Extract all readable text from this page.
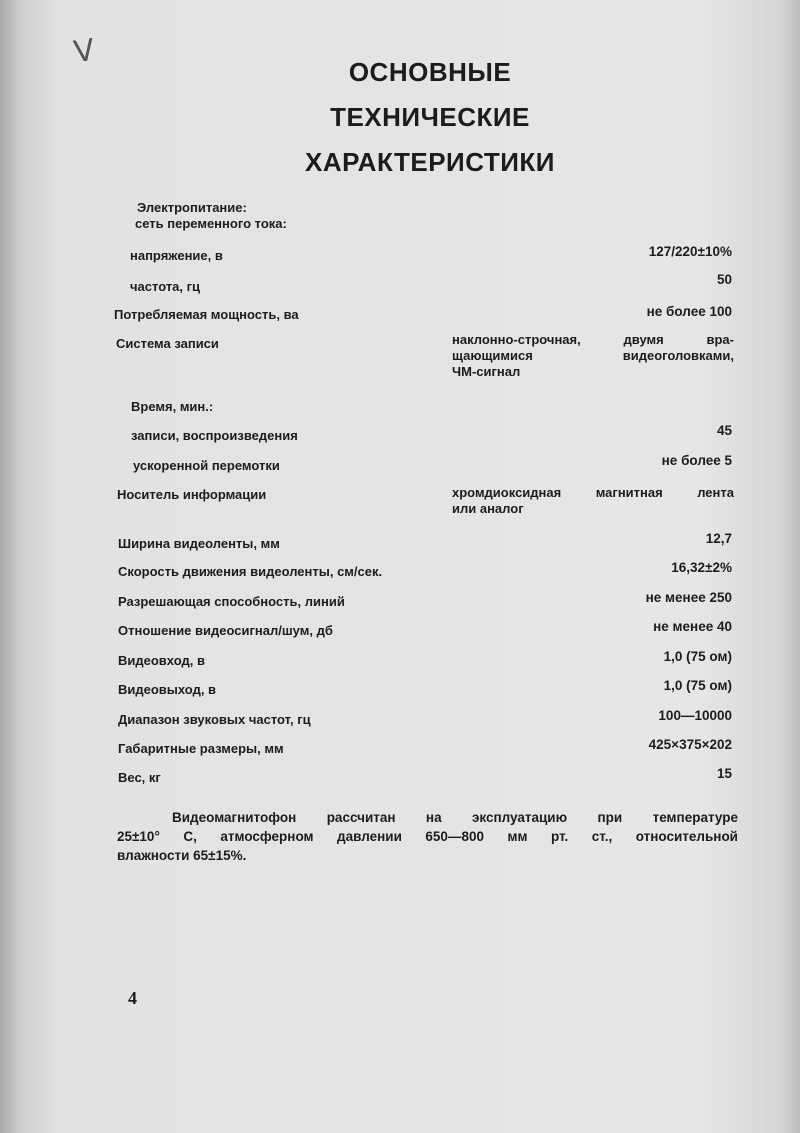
V
ОСНОВНЫЕ
ТЕХНИЧЕСКИЕ
ХАРАКТЕРИСТИКИ
Электропитание:
сеть переменного тока:
напряжение, в	127/220±10%
частота, гц	50
Потребляемая мощность, ва	не более 100
Система записи	наклонно-строчная, двумя вра-

щающимися видеоголовками,

ЧМ-сигнал

Время, мин.:
записи, воспроизведения	45
ускоренной перемотки	не более 5
Носитель информации	хромдиоксидная магнитная лента

или аналог

Ширина видеоленты, мм	12,7
Скорость движения видеоленты, см/сек.	16,32±2%
Разрешающая способность, линий	не менее 250
Отношение видеосигнал/шум, дб	не менее 40
Видеовход, в	1,0 (75 ом)
Видеовыход, в	1,0 (75 ом)
Диапазон звуковых частот, гц	100—10000
Габаритные размеры, мм	425×375×202
Вес, кг	15

Видеомагнитофон рассчитан на эксплуатацию при температуре

25±10° С, атмосферном давлении 650—800 мм рт. ст., относительной

влажности 65±15%.

4
